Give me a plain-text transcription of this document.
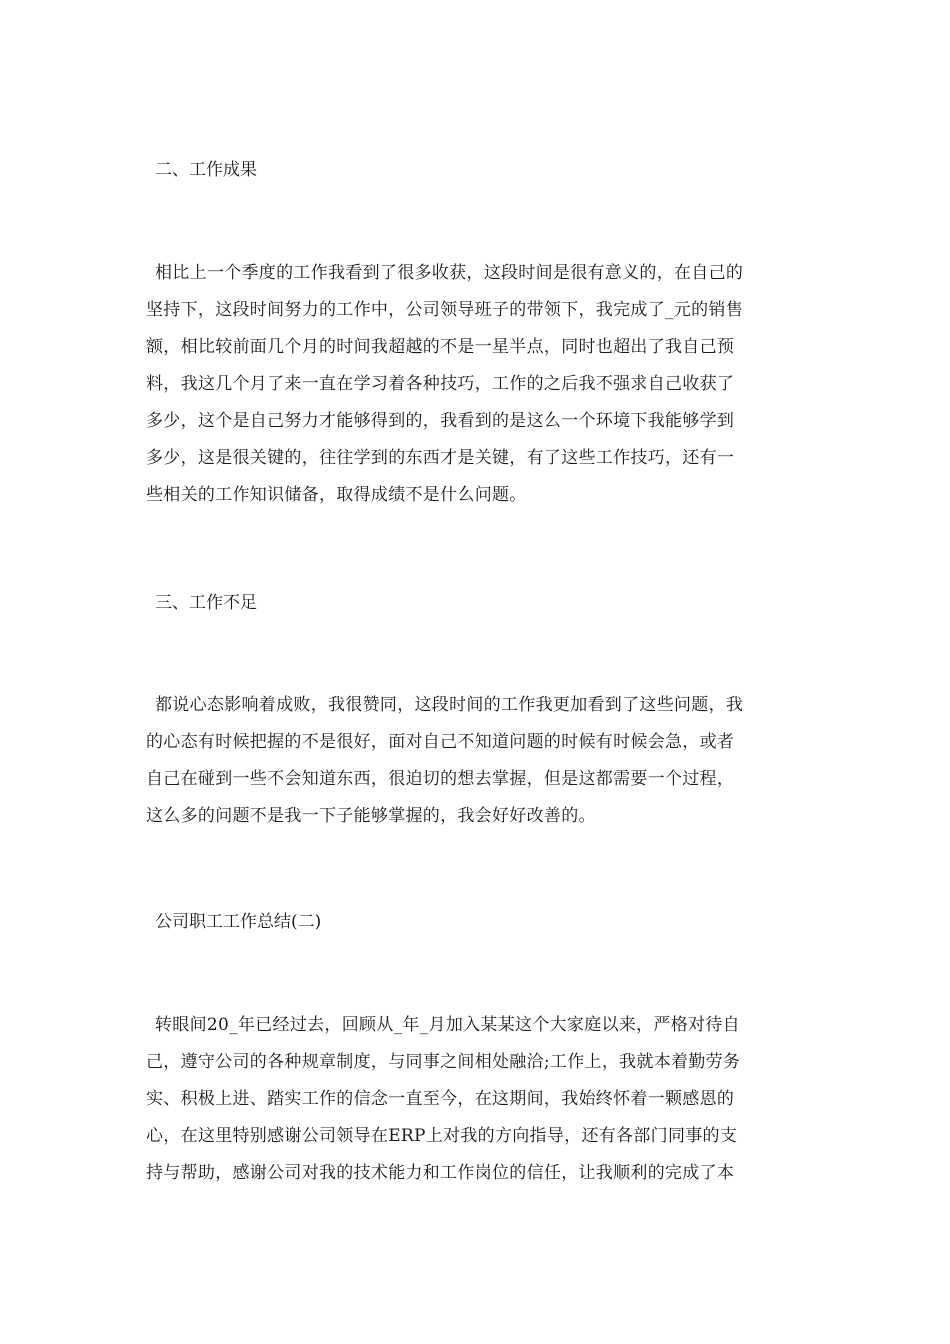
二、工作成果
相比上一个季度的工作我看到了很多收获，这段时间是很有意义的，在自己的
坚持下，这段时间努力的工作中，公司领导班子的带领下，我完成了_元的销售
额，相比较前面几个月的时间我超越的不是一星半点，同时也超出了我自己预
料，我这几个月了来一直在学习着各种技巧，工作的之后我不强求自己收获了
多少，这个是自己努力才能够得到的，我看到的是这么一个环境下我能够学到
多少，这是很关键的，往往学到的东西才是关键，有了这些工作技巧，还有一
些相关的工作知识储备，取得成绩不是什么问题。
三、工作不足
都说心态影响着成败，我很赞同，这段时间的工作我更加看到了这些问题，我
的心态有时候把握的不是很好，面对自己不知道问题的时候有时候会急，或者
自己在碰到一些不会知道东西，很迫切的想去掌握，但是这都需要一个过程，
这么多的问题不是我一下子能够掌握的，我会好好改善的。
公司职工工作总结(二)
转眼间20_年已经过去，回顾从_年_月加入某某这个大家庭以来，严格对待自
己，遵守公司的各种规章制度，与同事之间相处融洽;工作上，我就本着勤劳务
实、积极上进、踏实工作的信念一直至今，在这期间，我始终怀着一颗感恩的
心，在这里特别感谢公司领导在ERP上对我的方向指导，还有各部门同事的支
持与帮助，感谢公司对我的技术能力和工作岗位的信任，让我顺利的完成了本
